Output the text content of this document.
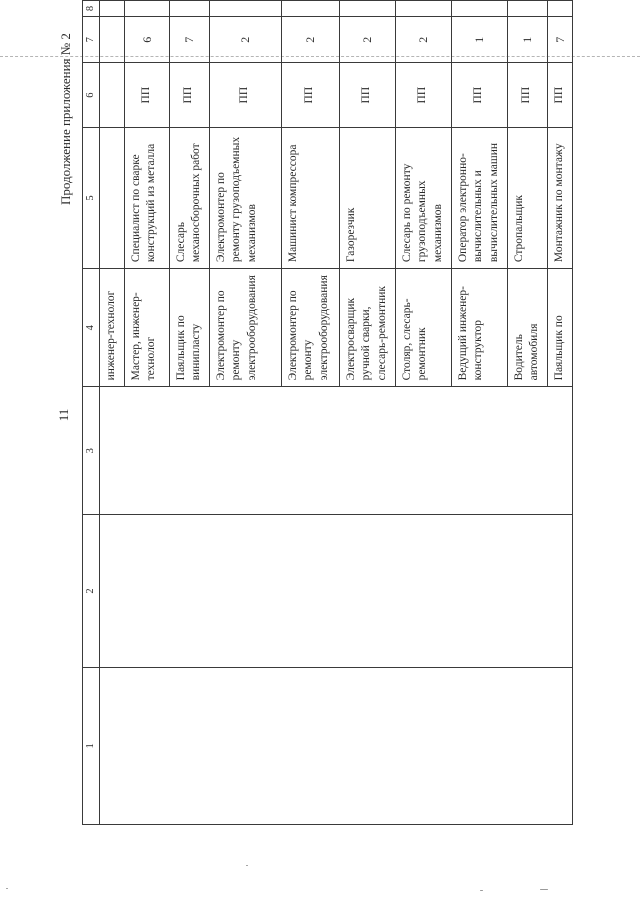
11
Продолжение приложения № 2
1	2	3	4	5	6	7	8
			инженер-технолог				
			Мастер, инженер-технолог	Специалист по сварке конструкций из металла	ПП	6	
			Паяльщик по винипласту	Слесарь механосборочных работ	ПП	7	
			Электромонтер по ремонту электрооборудования	Электромонтер по ремонту грузоподъемных механизмов	ПП	2	
			Электромонтер по ремонту электрооборудования	Машинист компрессора	ПП	2	
			Электросварщик ручной сварки, слесарь-ремонтник	Газорезчик	ПП	2	
			Столяр, слесарь-ремонтник	Слесарь по ремонту грузоподъемных механизмов	ПП	2	
			Ведущий инженер-конструктор	Оператор электронно-вычислительных и вычислительных машин	ПП	1	
			Водитель автомобиля	Стропальщик	ПП	1	
			Паяльщик по	Монтажник по монтажу	ПП	7	
